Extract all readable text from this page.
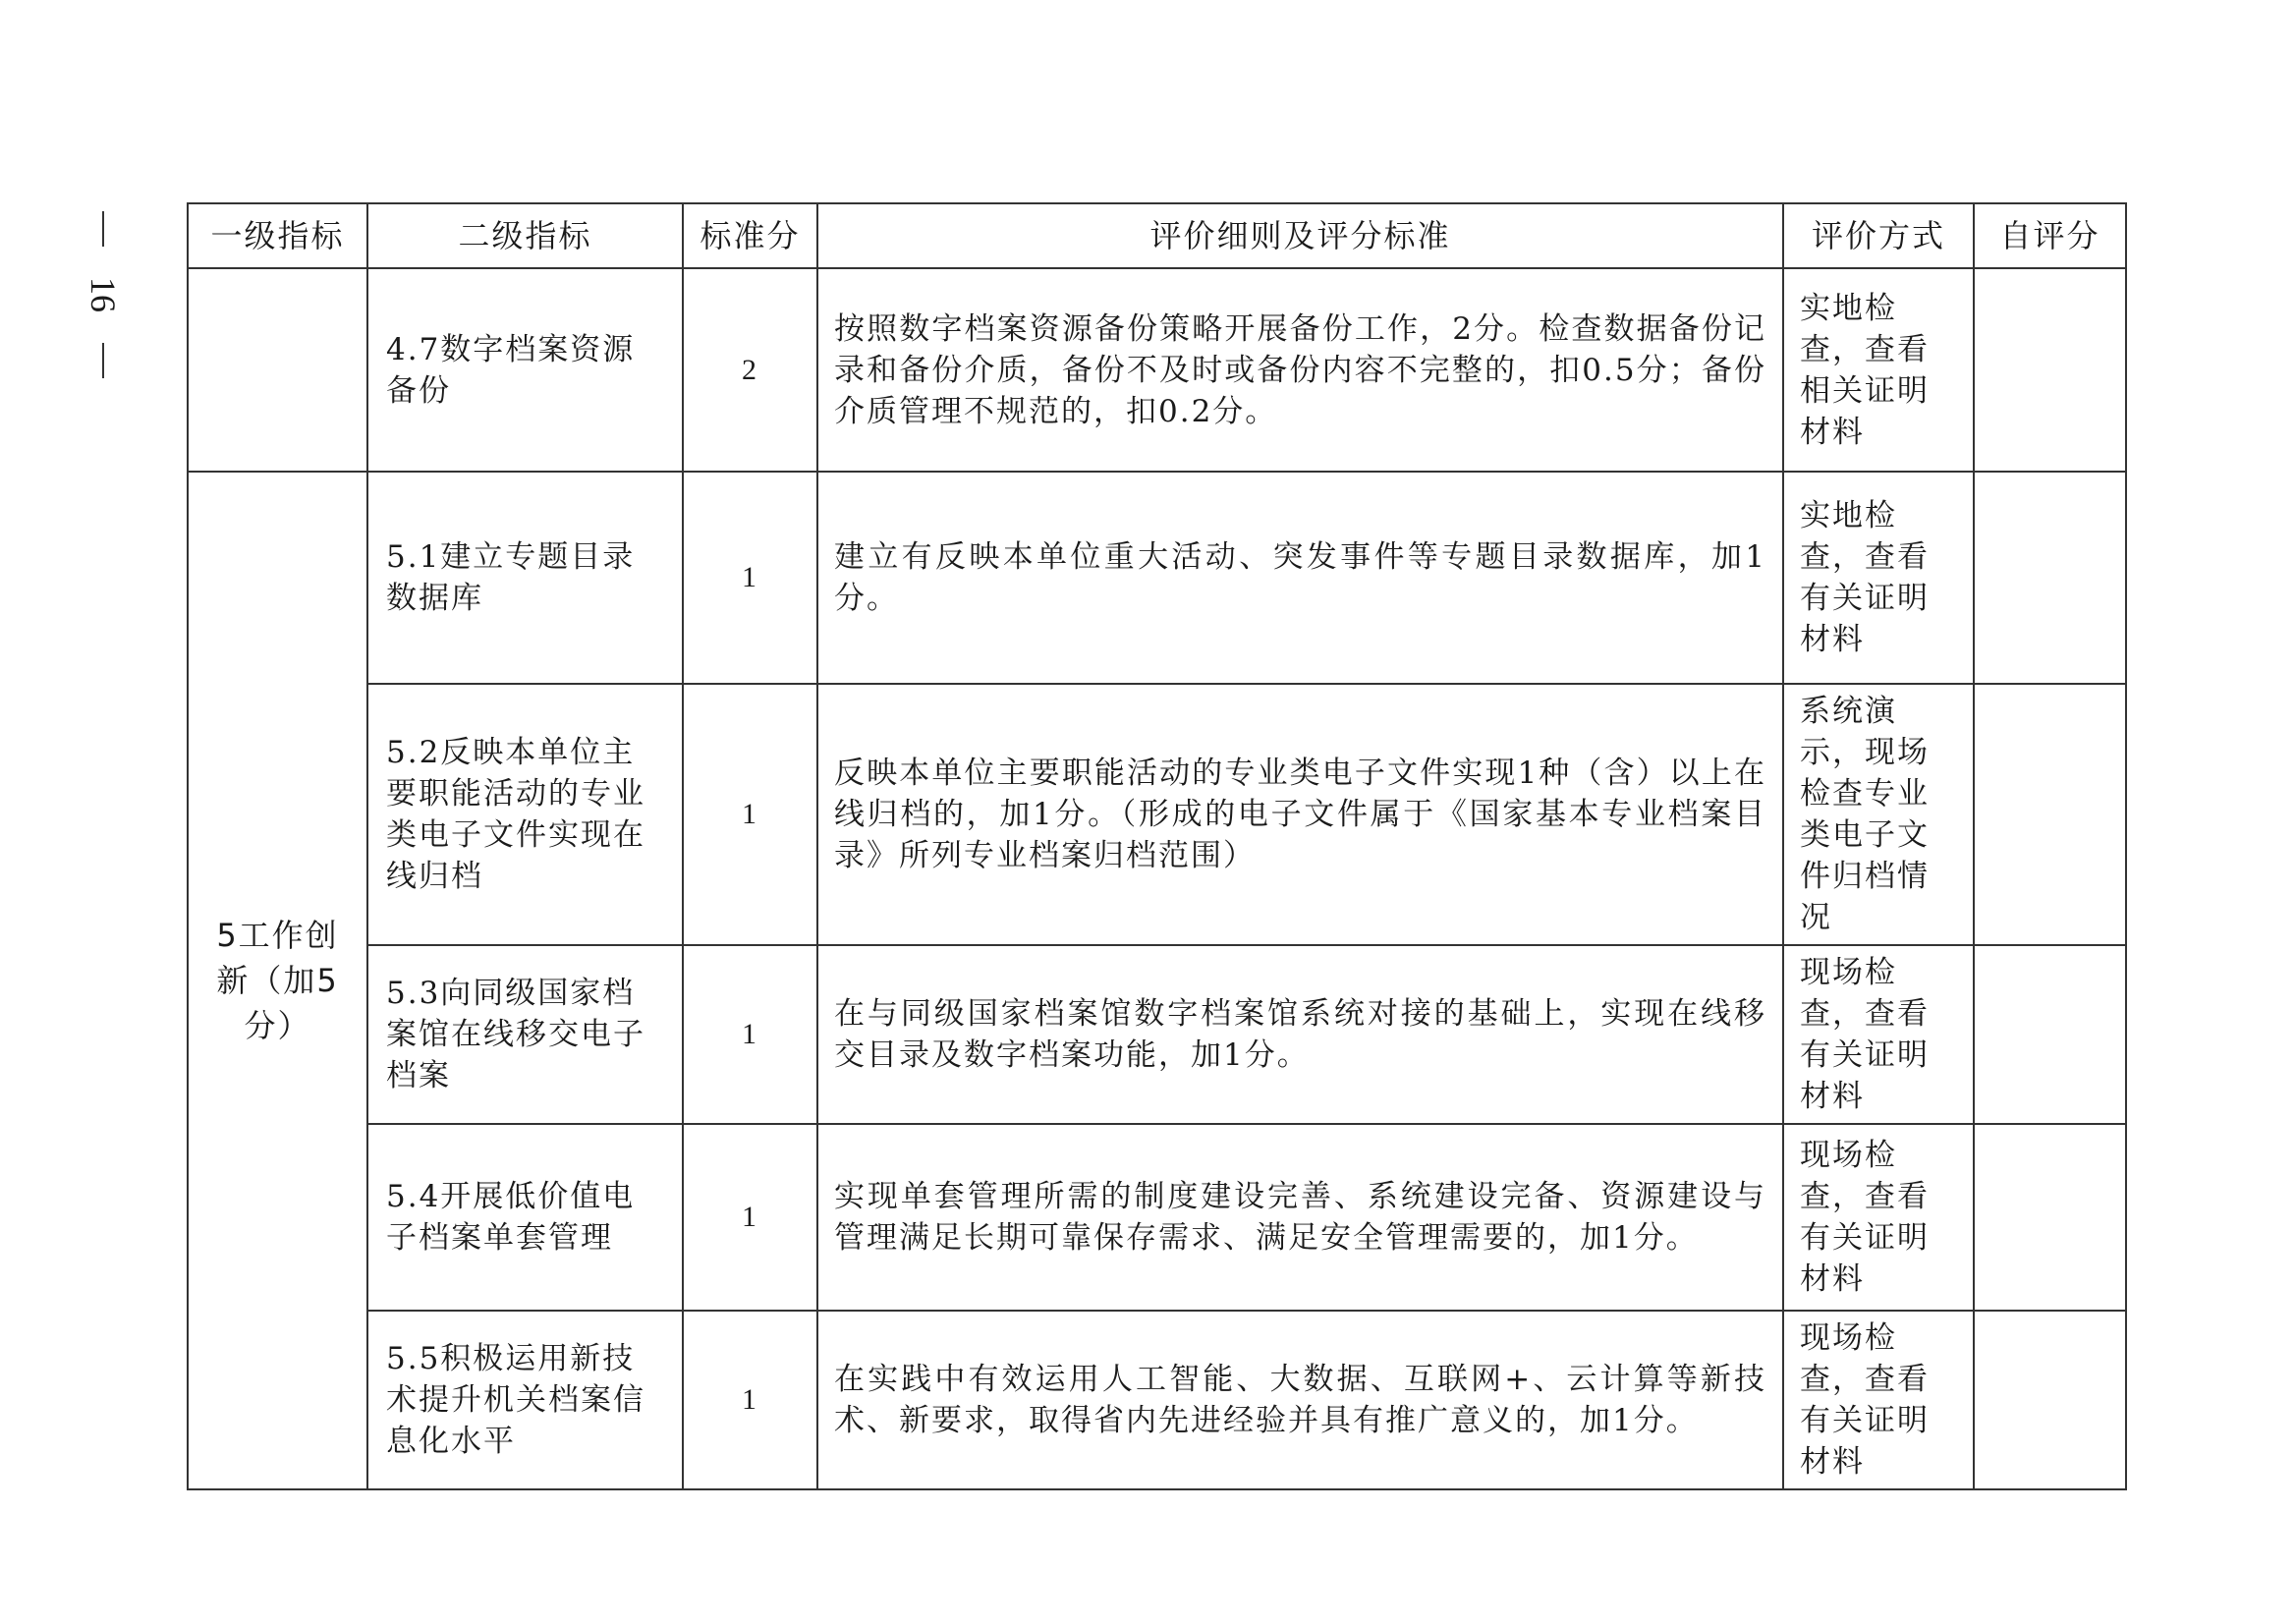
16
一级指标	二级指标	标准分	评价细则及评分标准	评价方式	自评分
	4.7数字档案资源备份	2	按照数字档案资源备份策略开展备份工作，2分。检查数据备份记录和备份介质，备份不及时或备份内容不完整的，扣0.5分；备份介质管理不规范的，扣0.2分。	实地检查，查看相关证明材料	
5工作创新（加5分）	5.1建立专题目录数据库	1	建立有反映本单位重大活动、突发事件等专题目录数据库，加1分。	实地检查，查看有关证明材料	
	5.2反映本单位主要职能活动的专业类电子文件实现在线归档	1	反映本单位主要职能活动的专业类电子文件实现1种（含）以上在线归档的，加1分。（形成的电子文件属于《国家基本专业档案目录》所列专业档案归档范围）	系统演示，现场检查专业类电子文件归档情况	
	5.3向同级国家档案馆在线移交电子档案	1	在与同级国家档案馆数字档案馆系统对接的基础上，实现在线移交目录及数字档案功能，加1分。	现场检查，查看有关证明材料	
	5.4开展低价值电子档案单套管理	1	实现单套管理所需的制度建设完善、系统建设完备、资源建设与管理满足长期可靠保存需求、满足安全管理需要的，加1分。	现场检查，查看有关证明材料	
	5.5积极运用新技术提升机关档案信息化水平	1	在实践中有效运用人工智能、大数据、互联网+、云计算等新技术、新要求，取得省内先进经验并具有推广意义的，加1分。	现场检查，查看有关证明材料	
